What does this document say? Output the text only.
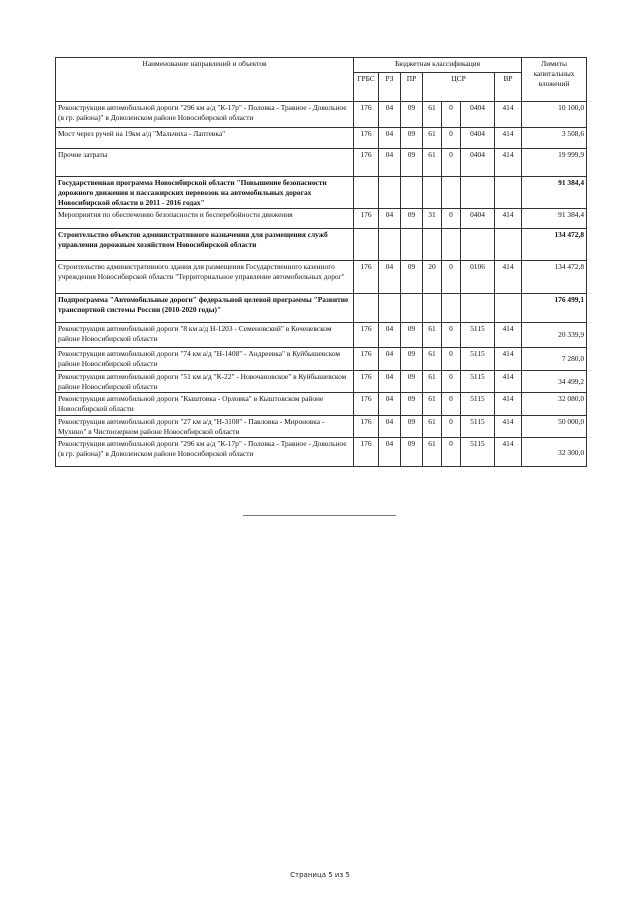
Наименование направлений и объектов	Бюджетная классификация							Лимиты капитальных вложений
	ГРБС	РЗ	ПР	ЦСР			ВР	
Реконструкция автомобильной дороги "296 км а/д "К-17р" - Половка - Травное - Довольное (в гр. района)" в Доволенском районе Новосибирской области	176	04	09	61	0	0404	414	10 100,0
Мост через ручей на 19км а/д "Мальчиха - Лаптевка"	176	04	09	61	0	0404	414	3 508,6
Прочие затраты	176	04	09	61	0	0404	414	19 999,9
Государственная программа Новосибирской области "Повышение безопасности дорожного движения и пассажирских перевозок на автомобильных дорогах Новосибирской области в 2011 - 2016 годах"								91 384,4
Мероприятия по обеспечению безопасности и бесперебойности движения	176	04	09	31	0	0404	414	91 384,4
Строительство объектов административного назначения для размещения служб управления дорожным хозяйством Новосибирской области								134 472,8
Строительство административного здания для размещения Государственного казенного учреждения Новосибирской области "Территориальное управление автомобильных дорог"	176	04	09	20	0	0106	414	134 472,8
Подпрограмма "Автомобильные дороги" федеральной целевой программы "Развитие транспортной системы России (2010-2020 годы)"								176 499,1
Реконструкция автомобильной дороги "8 км а/д Н-1203 - Семеновский" в Коченевском районе Новосибирской области	176	04	09	61	0	5115	414	20 339,9
Реконструкция автомобильной дороги "74 км а/д "Н-1408" - Андреевка" в Куйбышевском районе Новосибирской области	176	04	09	61	0	5115	414	7 280,0
Реконструкция автомобильной дороги "51 км а/д "К-22" - Новочановское" в Куйбышевском районе Новосибирской области	176	04	09	61	0	5115	414	34 499,2
Реконструкция автомобильной дороги "Кыштовка - Орловка" в Кыштовском районе Новосибирской области	176	04	09	61	0	5115	414	32 080,0
Реконструкция автомобильной дороги "27 км а/д "Н-3108" - Павловка - Мироновка - Мухино" в Чистоозерном районе Новосибирской области	176	04	09	61	0	5115	414	50 000,0
Реконструкция автомобильной дороги "296 км а/д "К-17р" - Половка - Травное - Довольное (в гр. района)" в Доволенском районе Новосибирской области	176	04	09	61	0	5115	414	32 300,0
Страница 5 из 5
